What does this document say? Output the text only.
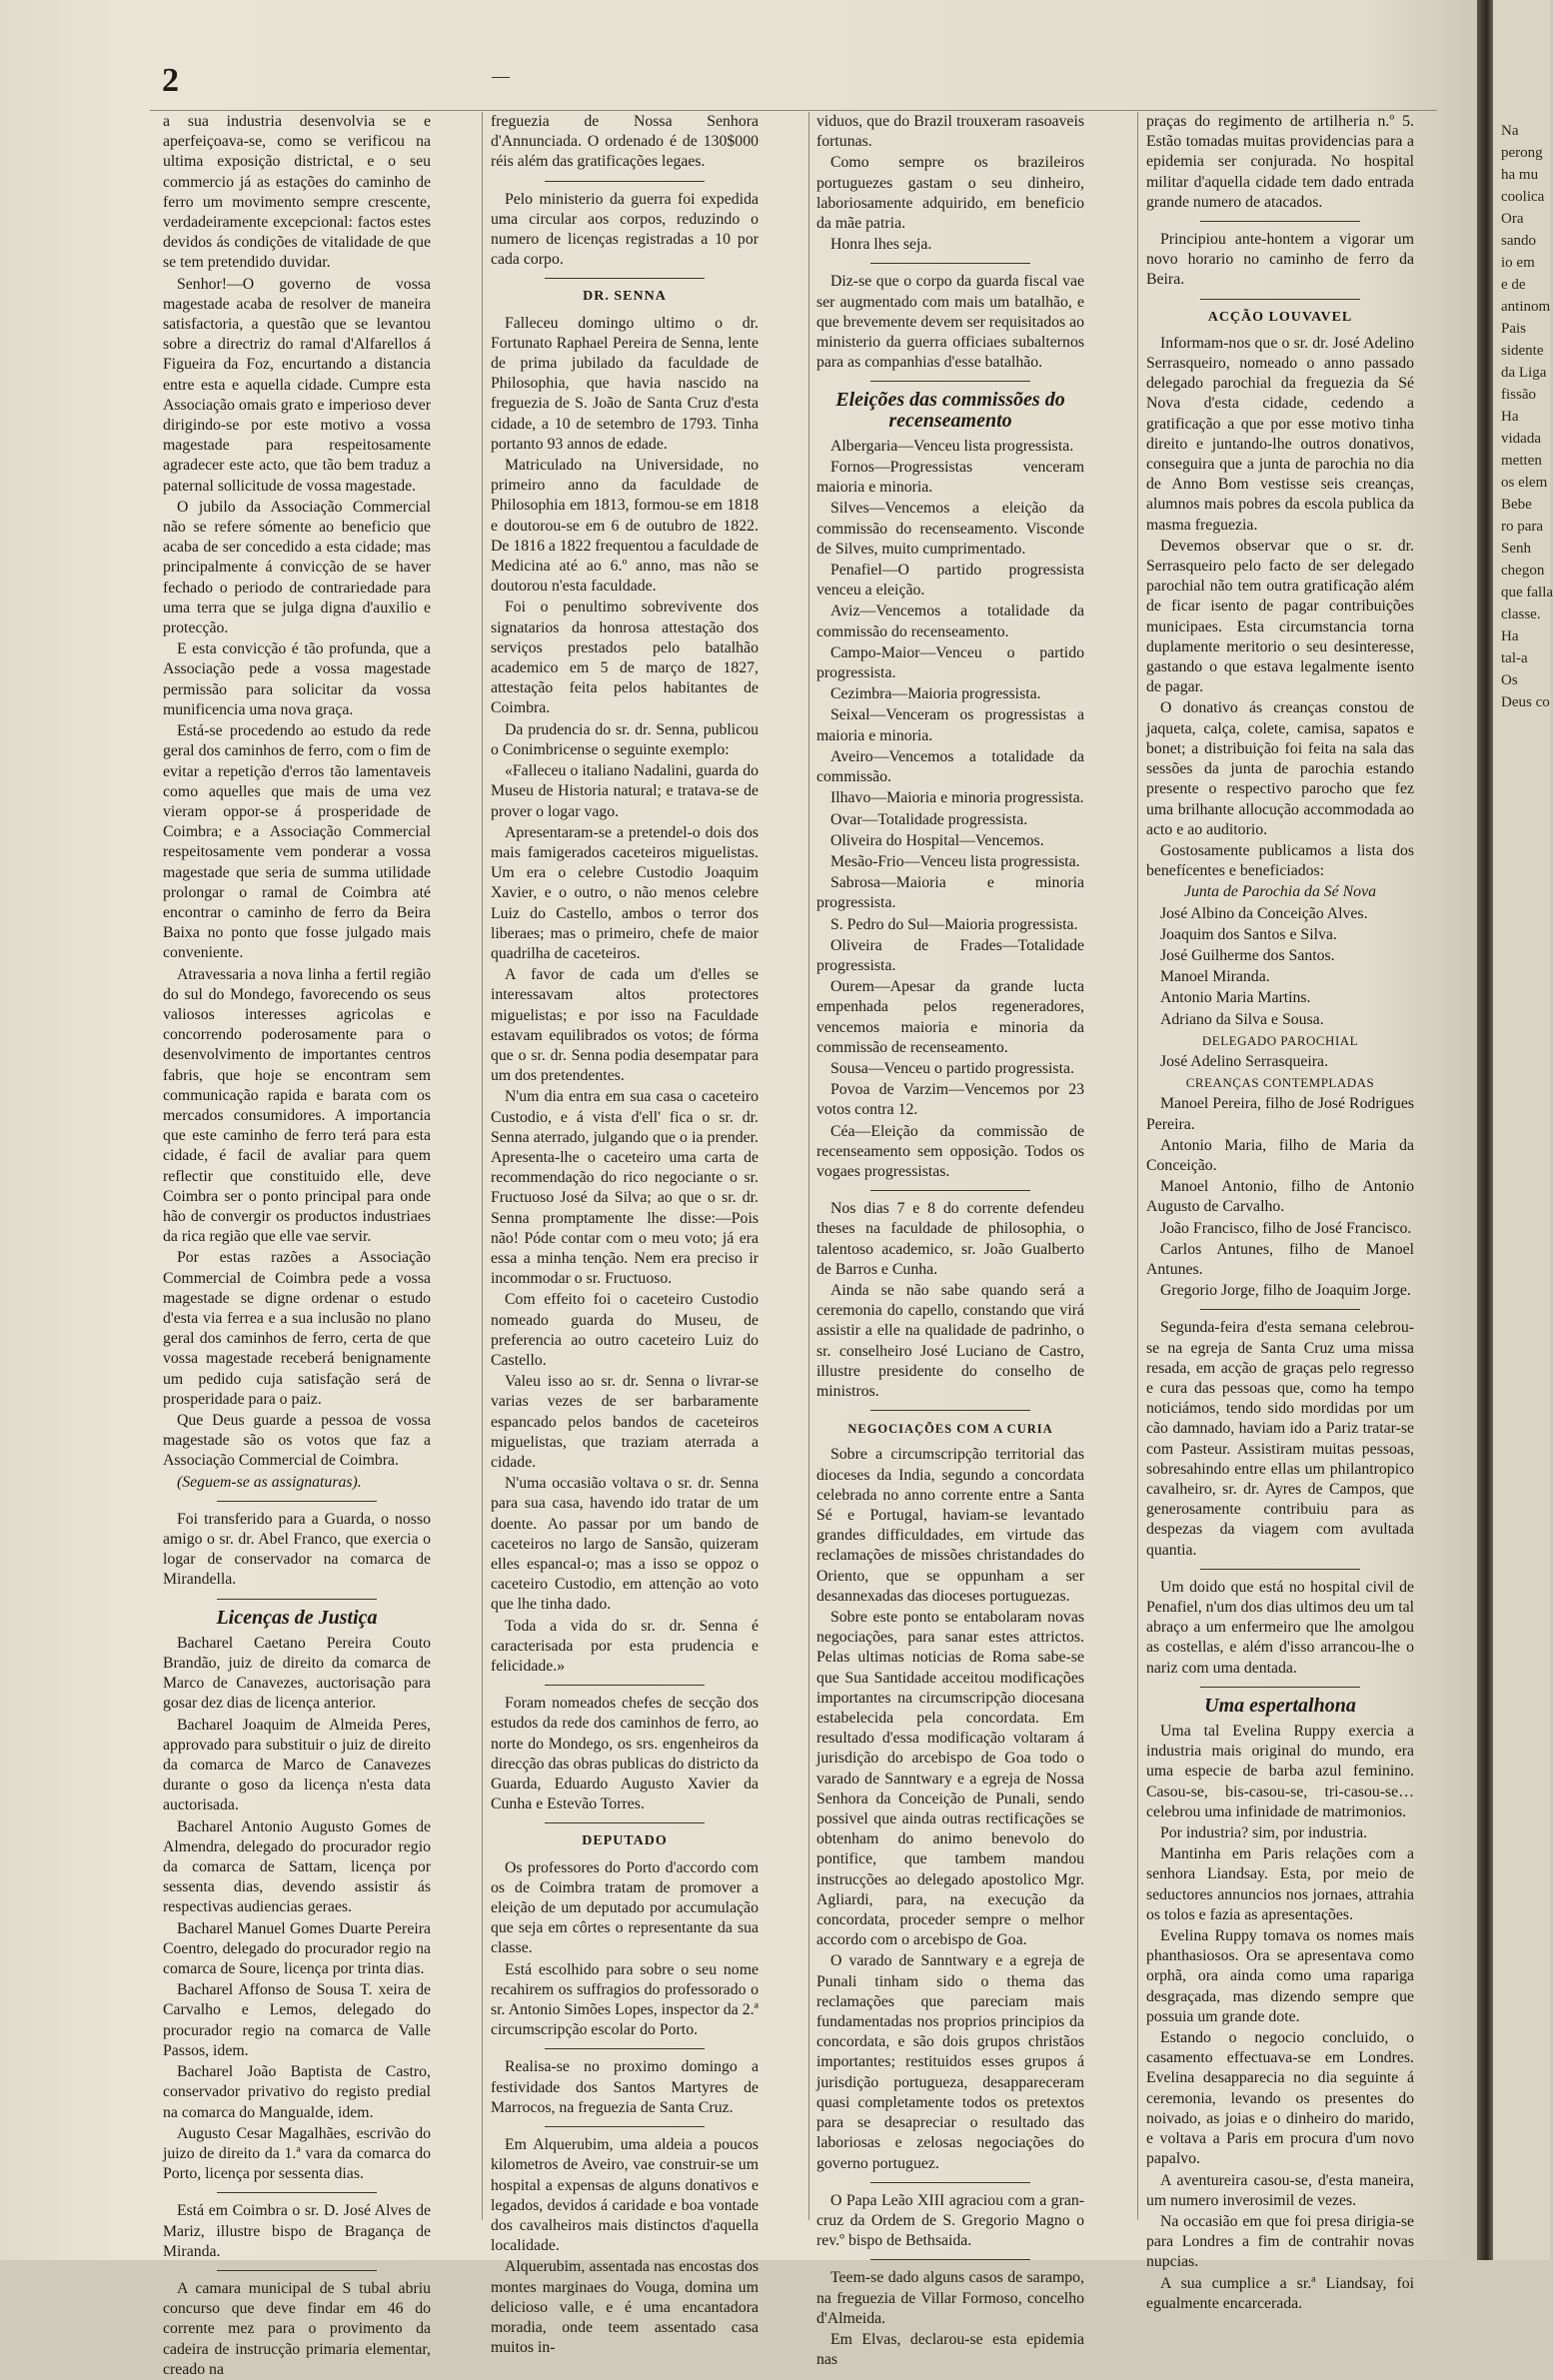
2	—

a sua industria desenvolvia se e aperfeiçoava-se, como se verificou na ultima exposição districtal, e o seu commercio já as estações do caminho de ferro um movimento sempre crescente, verdadeiramente excepcional: factos estes devidos ás condições de vitalidade de que se tem pretendido duvidar.

Senhor!—O governo de vossa magestade acaba de resolver de maneira satisfactoria, a questão que se levantou sobre a directriz do ramal d'Alfarellos á Figueira da Foz, encurtando a distancia entre esta e aquella cidade. Cumpre esta Associação omais grato e imperioso dever dirigindo-se por este motivo a vossa magestade para respeitosamente agradecer este acto, que tão bem traduz a paternal sollicitude de vossa magestade.

O jubilo da Associação Commercial não se refere sómente ao beneficio que acaba de ser concedido a esta cidade; mas principalmente á convicção de se haver fechado o periodo de contrariedade para uma terra que se julga digna d'auxilio e protecção.

E esta convicção é tão profunda, que a Associação pede a vossa magestade permissão para solicitar da vossa munificencia uma nova graça.

Está-se procedendo ao estudo da rede geral dos caminhos de ferro, com o fim de evitar a repetição d'erros tão lamentaveis como aquelles que mais de uma vez vieram oppor-se á prosperidade de Coimbra; e a Associação Commercial respeitosamente vem ponderar a vossa magestade que seria de summa utilidade prolongar o ramal de Coimbra até encontrar o caminho de ferro da Beira Baixa no ponto que fosse julgado mais conveniente.

Atravessaria a nova linha a fertil região do sul do Mondego, favorecendo os seus valiosos interesses agricolas e concorrendo poderosamente para o desenvolvimento de importantes centros fabris, que hoje se encontram sem communicação rapida e barata com os mercados consumidores. A importancia que este caminho de ferro terá para esta cidade, é facil de avaliar para quem reflectir que constituido elle, deve Coimbra ser o ponto principal para onde hão de convergir os productos industriaes da rica região que elle vae servir.

Por estas razões a Associação Commercial de Coimbra pede a vossa magestade se digne ordenar o estudo d'esta via ferrea e a sua inclusão no plano geral dos caminhos de ferro, certa de que vossa magestade receberá benignamente um pedido cuja satisfação será de prosperidade para o paiz.

Que Deus guarde a pessoa de vossa magestade são os votos que faz a Associação Commercial de Coimbra.

(Seguem-se as assignaturas).

Foi transferido para a Guarda, o nosso amigo o sr. dr. Abel Franco, que exercia o logar de conservador na comarca de Mirandella.

Licenças de Justiça

Bacharel Caetano Pereira Couto Brandão, juiz de direito da comarca de Marco de Canavezes, auctorisação para gosar dez dias de licença anterior.

Bacharel Joaquim de Almeida Peres, approvado para substituir o juiz de direito da comarca de Marco de Canavezes durante o goso da licença n'esta data auctorisada.

Bacharel Antonio Augusto Gomes de Almendra, delegado do procurador regio da comarca de Sattam, licença por sessenta dias, devendo assistir ás respectivas audiencias geraes.

Bacharel Manuel Gomes Duarte Pereira Coentro, delegado do procurador regio na comarca de Soure, licença por trinta dias.

Bacharel Affonso de Sousa T. xeira de Carvalho e Lemos, delegado do procurador regio na comarca de Valle Passos, idem.

Bacharel João Baptista de Castro, conservador privativo do registo predial na comarca do Mangualde, idem.

Augusto Cesar Magalhães, escrivão do juizo de direito da 1.ª vara da comarca do Porto, licença por sessenta dias.

Está em Coimbra o sr. D. José Alves de Mariz, illustre bispo de Bragança de Miranda.

A camara municipal de S tubal abriu concurso que deve findar em 46 do corrente mez para o provimento da cadeira de instrucção primaria elementar, creado na

freguezia de Nossa Senhora d'Annunciada. O ordenado é de 130$000 réis além das gratificações legaes.

Pelo ministerio da guerra foi expedida uma circular aos corpos, reduzindo o numero de licenças registradas a 10 por cada corpo.

DR. SENNA

Falleceu domingo ultimo o dr. Fortunato Raphael Pereira de Senna, lente de prima jubilado da faculdade de Philosophia, que havia nascido na freguezia de S. João de Santa Cruz d'esta cidade, a 10 de setembro de 1793. Tinha portanto 93 annos de edade.

Matriculado na Universidade, no primeiro anno da faculdade de Philosophia em 1813, formou-se em 1818 e doutorou-se em 6 de outubro de 1822. De 1816 a 1822 frequentou a faculdade de Medicina até ao 6.º anno, mas não se doutorou n'esta faculdade.

Foi o penultimo sobrevivente dos signatarios da honrosa attestação dos serviços prestados pelo batalhão academico em 5 de março de 1827, attestação feita pelos habitantes de Coimbra.

Da prudencia do sr. dr. Senna, publicou o Conimbricense o seguinte exemplo:

«Falleceu o italiano Nadalini, guarda do Museu de Historia natural; e tratava-se de prover o logar vago.

Apresentaram-se a pretendel-o dois dos mais famigerados caceteiros miguelistas. Um era o celebre Custodio Joaquim Xavier, e o outro, o não menos celebre Luiz do Castello, ambos o terror dos liberaes; mas o primeiro, chefe de maior quadrilha de caceteiros.

A favor de cada um d'elles se interessavam altos protectores miguelistas; e por isso na Faculdade estavam equilibrados os votos; de fórma que o sr. dr. Senna podia desempatar para um dos pretendentes.

N'um dia entra em sua casa o caceteiro Custodio, e á vista d'ell' fica o sr. dr. Senna aterrado, julgando que o ia prender. Apresenta-lhe o caceteiro uma carta de recommendação do rico negociante o sr. Fructuoso José da Silva; ao que o sr. dr. Senna promptamente lhe disse:—Pois não! Póde contar com o meu voto; já era essa a minha tenção. Nem era preciso ir incommodar o sr. Fructuoso.

Com effeito foi o caceteiro Custodio nomeado guarda do Museu, de preferencia ao outro caceteiro Luiz do Castello.

Valeu isso ao sr. dr. Senna o livrar-se varias vezes de ser barbaramente espancado pelos bandos de caceteiros miguelistas, que traziam aterrada a cidade.

N'uma occasião voltava o sr. dr. Senna para sua casa, havendo ido tratar de um doente. Ao passar por um bando de caceteiros no largo de Sansão, quizeram elles espancal-o; mas a isso se oppoz o caceteiro Custodio, em attenção ao voto que lhe tinha dado.

Toda a vida do sr. dr. Senna é caracterisada por esta prudencia e felicidade.»

Foram nomeados chefes de secção dos estudos da rede dos caminhos de ferro, ao norte do Mondego, os srs. engenheiros da direcção das obras publicas do districto da Guarda, Eduardo Augusto Xavier da Cunha e Estevão Torres.

DEPUTADO

Os professores do Porto d'accordo com os de Coimbra tratam de promover a eleição de um deputado por accumulação que seja em côrtes o representante da sua classe.

Está escolhido para sobre o seu nome recahirem os suffragios do professorado o sr. Antonio Simões Lopes, inspector da 2.ª circumscripção escolar do Porto.

Realisa-se no proximo domingo a festividade dos Santos Martyres de Marrocos, na freguezia de Santa Cruz.

Em Alquerubim, uma aldeia a poucos kilometros de Aveiro, vae construir-se um hospital a expensas de alguns donativos e legados, devidos á caridade e boa vontade dos cavalheiros mais distinctos d'aquella localidade.

Alquerubim, assentada nas encostas dos montes marginaes do Vouga, domina um delicioso valle, e é uma encantadora moradia, onde teem assentado casa muitos in-

viduos, que do Brazil trouxeram rasoaveis fortunas.

Como sempre os brazileiros portuguezes gastam o seu dinheiro, laboriosamente adquirido, em beneficio da mãe patria.

Honra lhes seja.

Diz-se que o corpo da guarda fiscal vae ser augmentado com mais um batalhão, e que brevemente devem ser requisitados ao ministerio da guerra officiaes subalternos para as companhias d'esse batalhão.

Eleições das commissões do recenseamento

Albergaria—Venceu lista progressista.

Fornos—Progressistas venceram maioria e minoria.

Silves—Vencemos a eleição da commissão do recenseamento. Visconde de Silves, muito cumprimentado.

Penafiel—O partido progressista venceu a eleição.

Aviz—Vencemos a totalidade da commissão do recenseamento.

Campo-Maior—Venceu o partido progressista.

Cezimbra—Maioria progressista.

Seixal—Venceram os progressistas a maioria e minoria.

Aveiro—Vencemos a totalidade da commissão.

Ilhavo—Maioria e minoria progressista.

Ovar—Totalidade progressista.

Oliveira do Hospital—Vencemos.

Mesão-Frio—Venceu lista progressista.

Sabrosa—Maioria e minoria progressista.

S. Pedro do Sul—Maioria progressista.

Oliveira de Frades—Totalidade progressista.

Ourem—Apesar da grande lucta empenhada pelos regeneradores, vencemos maioria e minoria da commissão de recenseamento.

Sousa—Venceu o partido progressista.

Povoa de Varzim—Vencemos por 23 votos contra 12.

Céa—Eleição da commissão de recenseamento sem opposição. Todos os vogaes progressistas.

Nos dias 7 e 8 do corrente defendeu theses na faculdade de philosophia, o talentoso academico, sr. João Gualberto de Barros e Cunha.

Ainda se não sabe quando será a ceremonia do capello, constando que virá assistir a elle na qualidade de padrinho, o sr. conselheiro José Luciano de Castro, illustre presidente do conselho de ministros.

NEGOCIAÇÕES COM A CURIA

Sobre a circumscripção territorial das dioceses da India, segundo a concordata celebrada no anno corrente entre a Santa Sé e Portugal, haviam-se levantado grandes difficuldades, em virtude das reclamações de missões christandades do Oriento, que se oppunham a ser desannexadas das dioceses portuguezas.

Sobre este ponto se entabolaram novas negociações, para sanar estes attrictos. Pelas ultimas noticias de Roma sabe-se que Sua Santidade acceitou modificações importantes na circumscripção diocesana estabelecida pela concordata. Em resultado d'essa modificação voltaram á jurisdição do arcebispo de Goa todo o varado de Sanntwary e a egreja de Nossa Senhora da Conceição de Punali, sendo possivel que ainda outras rectificações se obtenham do animo benevolo do pontifice, que tambem mandou instrucções ao delegado apostolico Mgr. Agliardi, para, na execução da concordata, proceder sempre o melhor accordo com o arcebispo de Goa.

O varado de Sanntwary e a egreja de Punali tinham sido o thema das reclamações que pareciam mais fundamentadas nos proprios principios da concordata, e são dois grupos christãos importantes; restituidos esses grupos á jurisdição portugueza, desappareceram quasi completamente todos os pretextos para se desapreciar o resultado das laboriosas e zelosas negociações do governo portuguez.

O Papa Leão XIII agraciou com a gran-cruz da Ordem de S. Gregorio Magno o rev.º bispo de Bethsaida.

Teem-se dado alguns casos de sarampo, na freguezia de Villar Formoso, concelho d'Almeida.

Em Elvas, declarou-se esta epidemia nas

praças do regimento de artilheria n.º 5. Estão tomadas muitas providencias para a epidemia ser conjurada. No hospital militar d'aquella cidade tem dado entrada grande numero de atacados.

Principiou ante-hontem a vigorar um novo horario no caminho de ferro da Beira.

ACÇÃO LOUVAVEL

Informam-nos que o sr. dr. José Adelino Serrasqueiro, nomeado o anno passado delegado parochial da freguezia da Sé Nova d'esta cidade, cedendo a gratificação a que por esse motivo tinha direito e juntando-lhe outros donativos, conseguira que a junta de parochia no dia de Anno Bom vestisse seis creanças, alumnos mais pobres da escola publica da masma freguezia.

Devemos observar que o sr. dr. Serrasqueiro pelo facto de ser delegado parochial não tem outra gratificação além de ficar isento de pagar contribuições municipaes. Esta circumstancia torna duplamente meritorio o seu desinteresse, gastando o que estava legalmente isento de pagar.

O donativo ás creanças constou de jaqueta, calça, colete, camisa, sapatos e bonet; a distribuição foi feita na sala das sessões da junta de parochia estando presente o respectivo parocho que fez uma brilhante allocução accommodada ao acto e ao auditorio.

Gostosamente publicamos a lista dos benefícentes e beneficiados:

Junta de Parochia da Sé Nova

José Albino da Conceição Alves.

Joaquim dos Santos e Silva.

José Guilherme dos Santos.

Manoel Miranda.

Antonio Maria Martins.

Adriano da Silva e Sousa.

DELEGADO PAROCHIAL

José Adelino Serrasqueira.

CREANÇAS CONTEMPLADAS

Manoel Pereira, filho de José Rodrigues Pereira.

Antonio Maria, filho de Maria da Conceição.

Manoel Antonio, filho de Antonio Augusto de Carvalho.

João Francisco, filho de José Francisco.

Carlos Antunes, filho de Manoel Antunes.

Gregorio Jorge, filho de Joaquim Jorge.

Segunda-feira d'esta semana celebrou-se na egreja de Santa Cruz uma missa resada, em acção de graças pelo regresso e cura das pessoas que, como ha tempo noticiámos, tendo sido mordidas por um cão damnado, haviam ido a Pariz tratar-se com Pasteur. Assistiram muitas pessoas, sobresahindo entre ellas um philantropico cavalheiro, sr. dr. Ayres de Campos, que generosamente contribuiu para as despezas da viagem com avultada quantia.

Um doido que está no hospital civil de Penafiel, n'um dos dias ultimos deu um tal abraço a um enfermeiro que lhe amolgou as costellas, e além d'isso arrancou-lhe o nariz com uma dentada.

Uma espertalhona

Uma tal Evelina Ruppy exercia a industria mais original do mundo, era uma especie de barba azul feminino. Casou-se, bis-casou-se, tri-casou-se… celebrou uma infinidade de matrimonios.

Por industria? sim, por industria.

Mantinha em Paris relações com a senhora Liandsay. Esta, por meio de seductores annuncios nos jornaes, attrahia os tolos e fazia as apresentações.

Evelina Ruppy tomava os nomes mais phanthasiosos. Ora se apresentava como orphã, ora ainda como uma rapariga desgraçada, mas dizendo sempre que possuia um grande dote.

Estando o negocio concluido, o casamento effectuava-se em Londres. Evelina desapparecia no dia seguinte á ceremonia, levando os presentes do noivado, as joias e o dinheiro do marido, e voltava a Paris em procura d'um novo papalvo.

A aventureira casou-se, d'esta maneira, um numero inverosimil de vezes.

Na occasião em que foi presa dirigia-se para Londres a fim de contrahir novas nupcias.

A sua cumplice a sr.ª Liandsay, foi egualmente encarcerada.

Na
perong
ha mu
coolica
Ora
sando
io em
e de
antinom
Pais
sidente
da Liga
fissão
Ha
vidada
metten
os elem
Bebe
ro para
Senh
chegon
que falla
classe.
Ha
tal-a
Os
Deus co
